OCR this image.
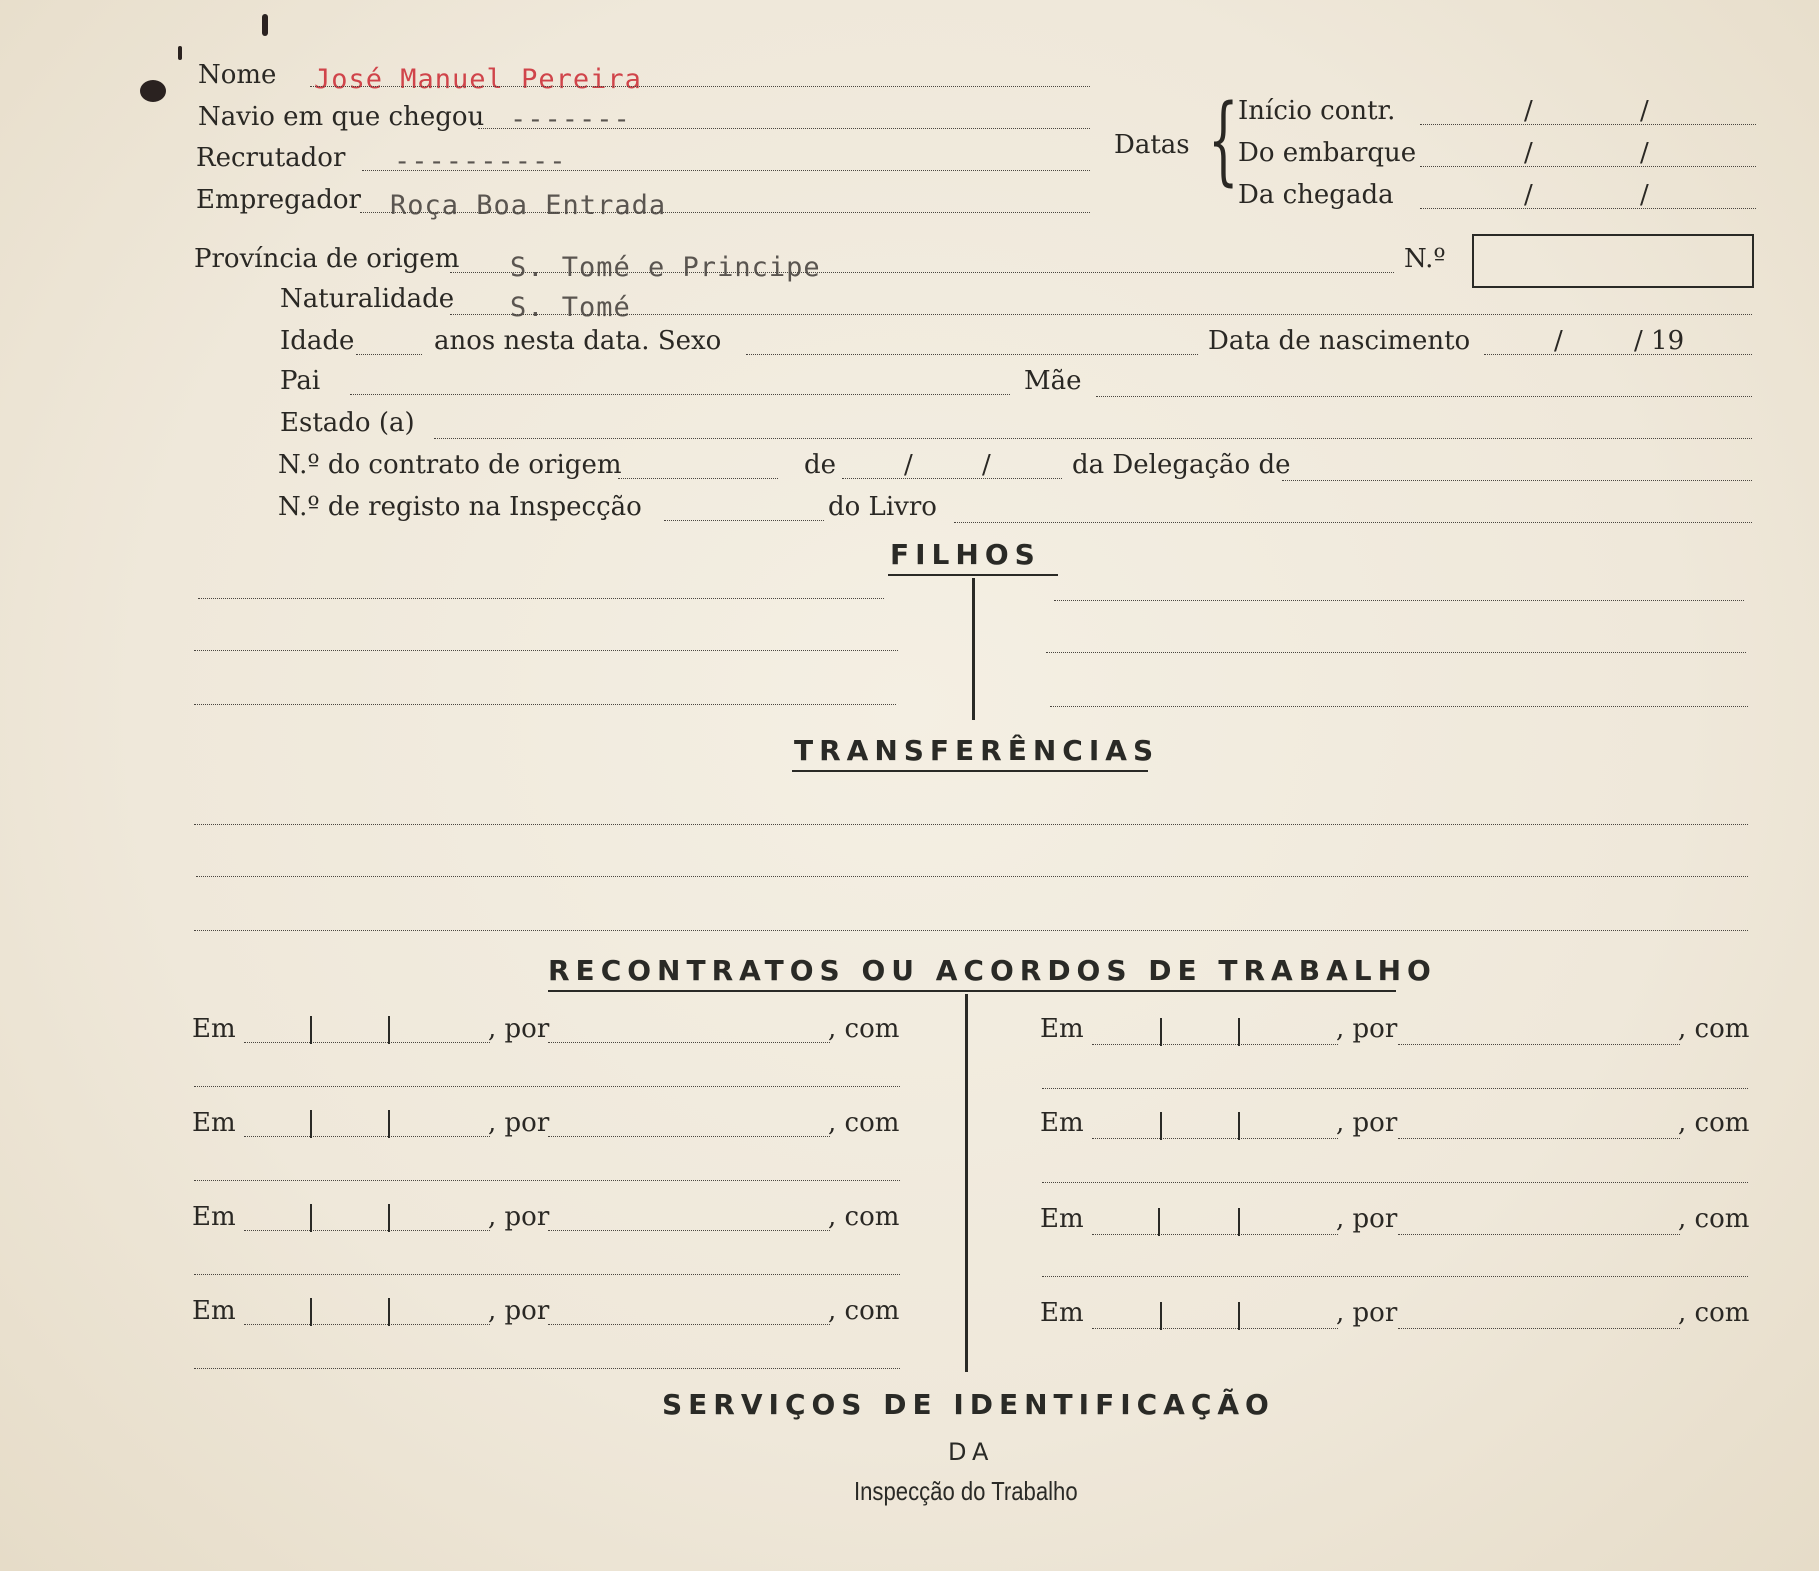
Nome José Manuel Pereira
Navio em que chegou -------
Recrutador ----------
Empregador Roça Boa Entrada
Datas { Início contr.	/	/
Do embarque	/	/
Da chegada	/	/
Província de origem S. Tomé e Principe	N.º
Naturalidade S. Tomé
Idade	anos nesta data. Sexo	Data de nascimento	/	/ 19
Pai	Mãe
Estado (a)
N.º do contrato de origem	de	/	/	da Delegação de
N.º de registo na Inspecção	do Livro
FILHOS
TRANSFERÊNCIAS
RECONTRATOS OU ACORDOS DE TRABALHO
Em	, por	, com
Em	, por	, com
Em	, por	, com
Em	, por	, com
Em	, por	, com
Em	, por	, com
Em	, por	, com
Em	, por	, com
SERVIÇOS DE IDENTIFICAÇÃO
DA
Inspecção do Trabalho
